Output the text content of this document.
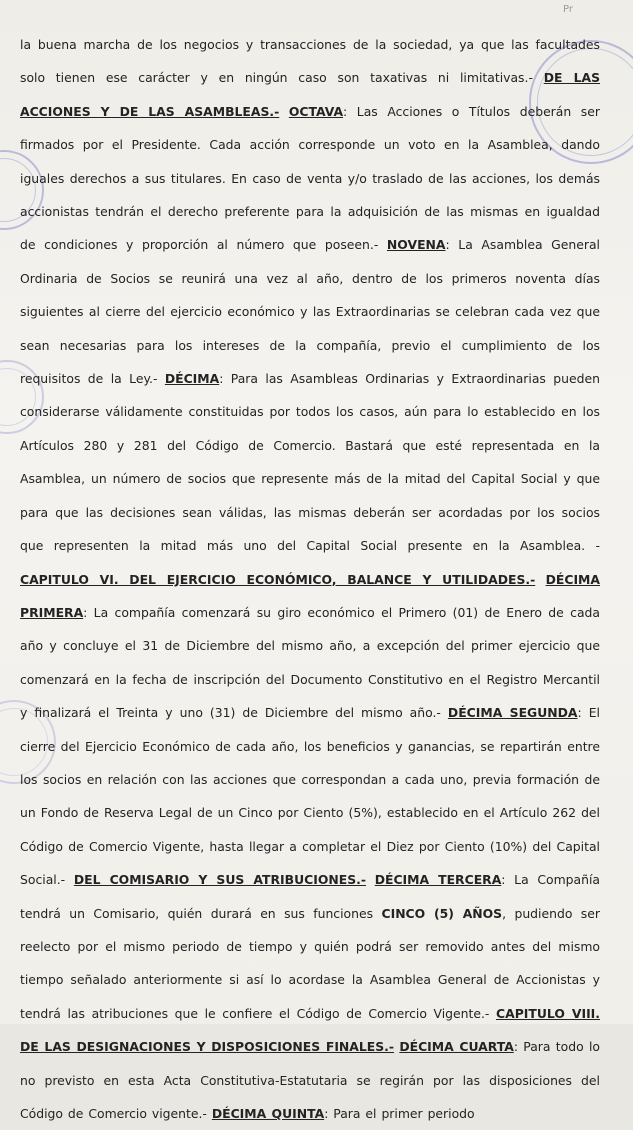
Pr

la buena marcha de los negocios y transacciones de la sociedad, ya que las facultades solo tienen ese carácter y en ningún caso son taxativas ni limitativas.- DE LAS ACCIONES Y DE LAS ASAMBLEAS.- OCTAVA: Las Acciones o Títulos deberán ser firmados por el Presidente. Cada acción corresponde un voto en la Asamblea, dando iguales derechos a sus titulares. En caso de venta y/o traslado de las acciones, los demás accionistas tendrán el derecho preferente para la adquisición de las mismas en igualdad de condiciones y proporción al número que poseen.- NOVENA: La Asamblea General Ordinaria de Socios se reunirá una vez al año, dentro de los primeros noventa días siguientes al cierre del ejercicio económico y las Extraordinarias se celebran cada vez que sean necesarias para los intereses de la compañía, previo el cumplimiento de los requisitos de la Ley.- DÉCIMA: Para las Asambleas Ordinarias y Extraordinarias pueden considerarse válidamente constituidas por todos los casos, aún para lo establecido en los Artículos 280 y 281 del Código de Comercio. Bastará que esté representada en la Asamblea, un número de socios que represente más de la mitad del Capital Social y que para que las decisiones sean válidas, las mismas deberán ser acordadas por los socios que representen la mitad más uno del Capital Social presente en la Asamblea. - CAPITULO VI. DEL EJERCICIO ECONÓMICO, BALANCE Y UTILIDADES.- DÉCIMA PRIMERA: La compañía comenzará su giro económico el Primero (01) de Enero de cada año y concluye el 31 de Diciembre del mismo año, a excepción del primer ejercicio que comenzará en la fecha de inscripción del Documento Constitutivo en el Registro Mercantil y finalizará el Treinta y uno (31) de Diciembre del mismo año.- DÉCIMA SEGUNDA: El cierre del Ejercicio Económico de cada año, los beneficios y ganancias, se repartirán entre los socios en relación con las acciones que correspondan a cada uno, previa formación de un Fondo de Reserva Legal de un Cinco por Ciento (5%), establecido en el Artículo 262 del Código de Comercio Vigente, hasta llegar a completar el Diez por Ciento (10%) del Capital Social.- DEL COMISARIO Y SUS ATRIBUCIONES.- DÉCIMA TERCERA: La Compañía tendrá un Comisario, quién durará en sus funciones CINCO (5) AÑOS, pudiendo ser reelecto por el mismo periodo de tiempo y quién podrá ser removido antes del mismo tiempo señalado anteriormente si así lo acordase la Asamblea General de Accionistas y tendrá las atribuciones que le confiere el Código de Comercio Vigente.- CAPITULO VIII. DE LAS DESIGNACIONES Y DISPOSICIONES FINALES.- DÉCIMA CUARTA: Para todo lo no previsto en esta Acta Constitutiva-Estatutaria se regirán por las disposiciones del Código de Comercio vigente.- DÉCIMA QUINTA: Para el primer periodo
